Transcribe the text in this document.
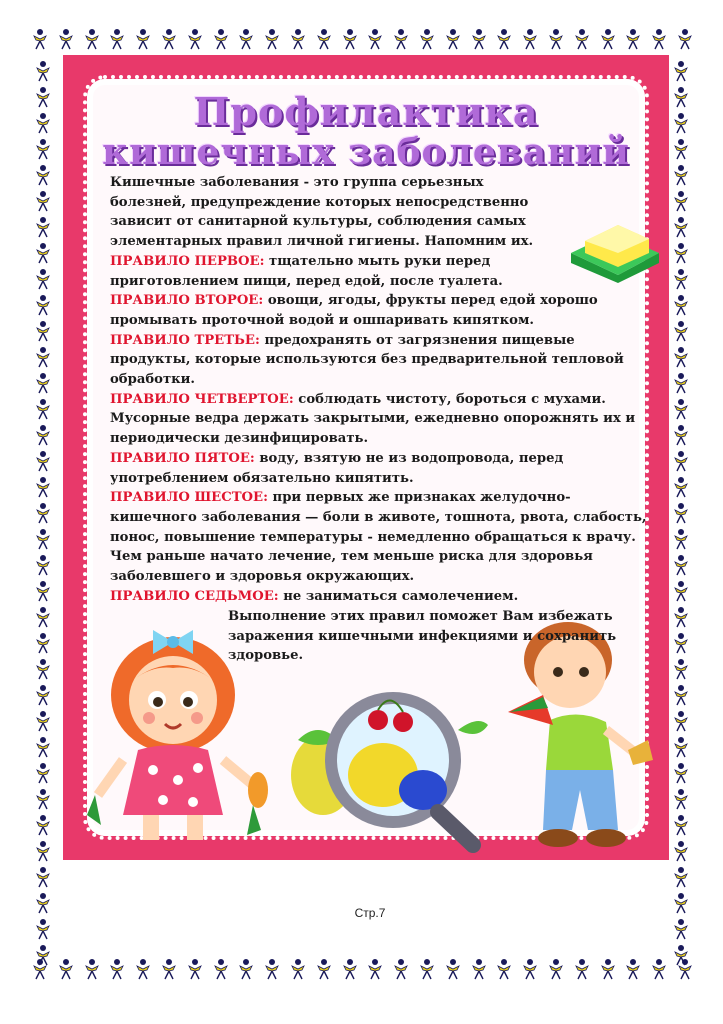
Профилактика
кишечных заболеваний

Кишечные заболевания - это группа серьезных болезней, предупреждение которых непосредственно зависит от санитарной культуры, соблюдения самых элементарных правил личной гигиены. Напомним их.

ПРАВИЛО ПЕРВОЕ: тщательно мыть руки перед приготовлением пищи, перед едой, после туалета.

ПРАВИЛО ВТОРОЕ: овощи, ягоды, фрукты перед едой хорошо промывать проточной водой и ошпаривать кипятком.

ПРАВИЛО ТРЕТЬЕ: предохранять от загрязнения пищевые продукты, которые используются без предварительной тепловой обработки.

ПРАВИЛО ЧЕТВЕРТОЕ: соблюдать чистоту, бороться с мухами. Мусорные ведра держать закрытыми, ежедневно опорожнять их и периодически дезинфицировать.

ПРАВИЛО ПЯТОЕ: воду, взятую не из водопровода, перед употреблением обязательно кипятить.

ПРАВИЛО ШЕСТОЕ: при первых же признаках желудочно-кишечного заболевания — боли в животе, тошнота, рвота, слабость, понос, повышение температуры - немедленно обращаться к врачу. Чем раньше начато лечение, тем меньше риска для здоровья заболевшего и здоровья окружающих.

ПРАВИЛО СЕДЬМОЕ: не заниматься самолечением.

Выполнение этих правил поможет Вам избежать заражения кишечными инфекциями и сохранить здоровье.
Стр.7
